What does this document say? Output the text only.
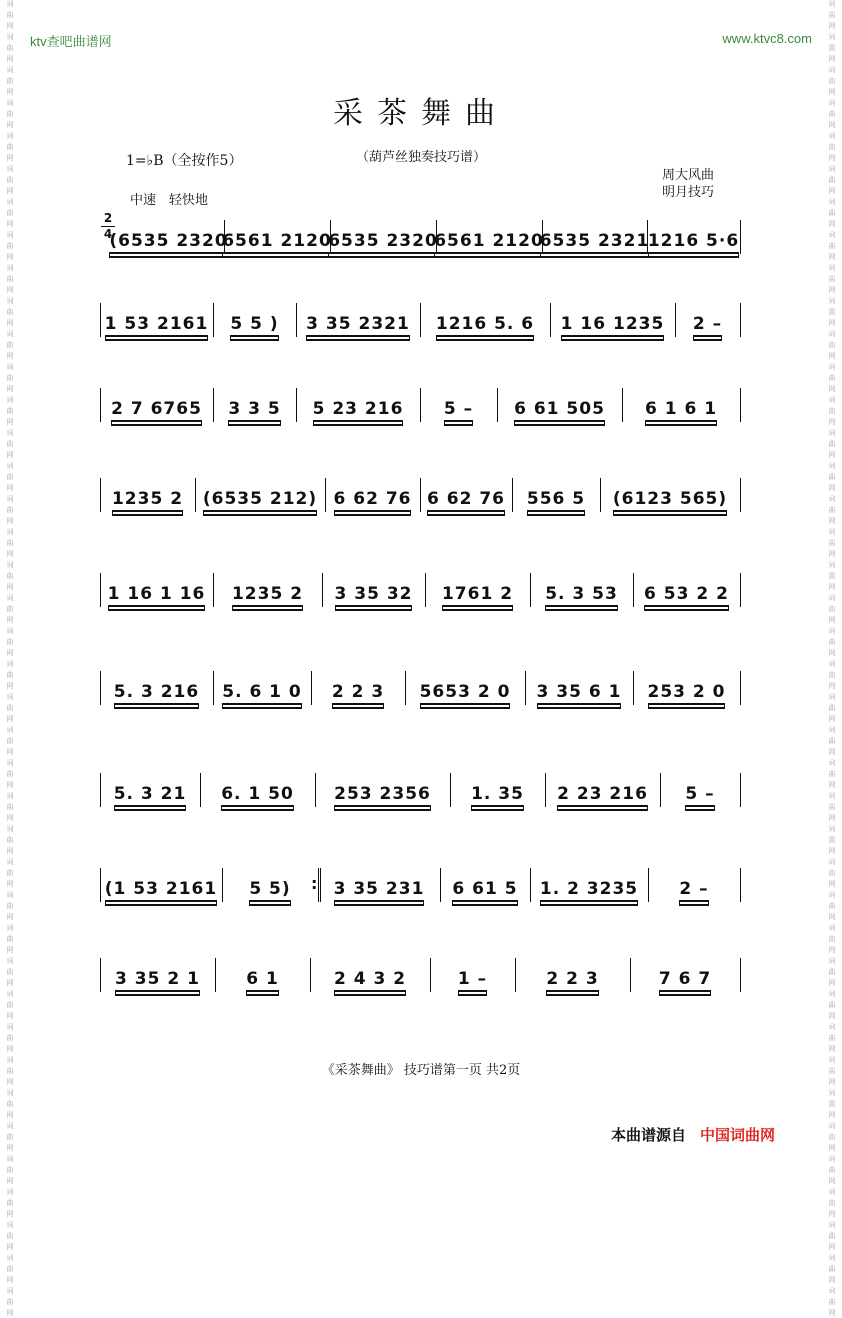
词
曲
网
词
曲
网
词
曲
网
词
曲
网
词
曲
网
词
曲
网
词
曲
网
词
曲
网
词
曲
网
词
曲
网
词
曲
网
词
曲
网
词
曲
网
词
曲
网
词
曲
网
词
曲
网
词
曲
网
词
曲
网
词
曲
网
词
曲
网
词
曲
网
词
曲
网
词
曲
网
词
曲
网
词
曲
网
词
曲
网
词
曲
网
词
曲
网
词
曲
网
词
曲
网
词
曲
网
词
曲
网
词
曲
网
词
曲
网
词
曲
网
词
曲
网
词
曲
网
词
曲
网
词
曲
网
词
曲
网
词
曲
网
词
曲
网
词
曲
网
词
曲
网
词
曲
网
词
曲
网
词
曲
网
词
曲
网
词
曲
网
词
曲
网
词
曲
网
词
曲
网
词
曲
网
词
曲
网
词
曲
网
词
曲
网
词
曲
网
词
曲
网
词
曲
网
词
曲
网
词
曲
网
词
曲
网
词
曲
网
词
曲
网
词
曲
网
词
曲
网
词
曲
网
词
曲
网
词
曲
网
词
曲
网
词
曲
网
词
曲
网
词
曲
网
词
曲
网
词
曲
网
词
曲
网
词
曲
网
词
曲
网
词
曲
网
词
曲
网
ktv查吧曲谱网	www.ktvc8.com
采茶舞曲
（葫芦丝独奏技巧谱）
1=♭B（全按作5）
周大风曲
明月技巧
中速　轻快地
2
4
(6535 2320
6561 2120
6535 2320
6561 2120
6535 2321
1216 5·6
1 53 2161 5 5 ) 3 35 2321 1216 5. 6 1 16 1235 2 –
2 7 6765 3 3 5 5 23 216 5 – 6 61 505 6 1 6 1
1235 2 (6535 212) 6 62 76 6 62 76 556 5 (6123 565)
1 16 1 16 1235 2 3 35 32 1761 2 5. 3 53 6 53 2 2
5. 3 216 5. 6 1 0 2 2 3 5653 2 0 3 35 6 1 253 2 0
5. 3 21 6. 1 50 253 2356 1. 35 2 23 216 5 –
:
(1 53 2161 5 5)	3 35 231 6 61 5 1. 2 3235 2 –
3 35 2 1	6 1	2 4 3 2	1 –	2 2 3	7 6 7
《采茶舞曲》 技巧谱第一页 共2页
本曲谱源自 中国词曲网
